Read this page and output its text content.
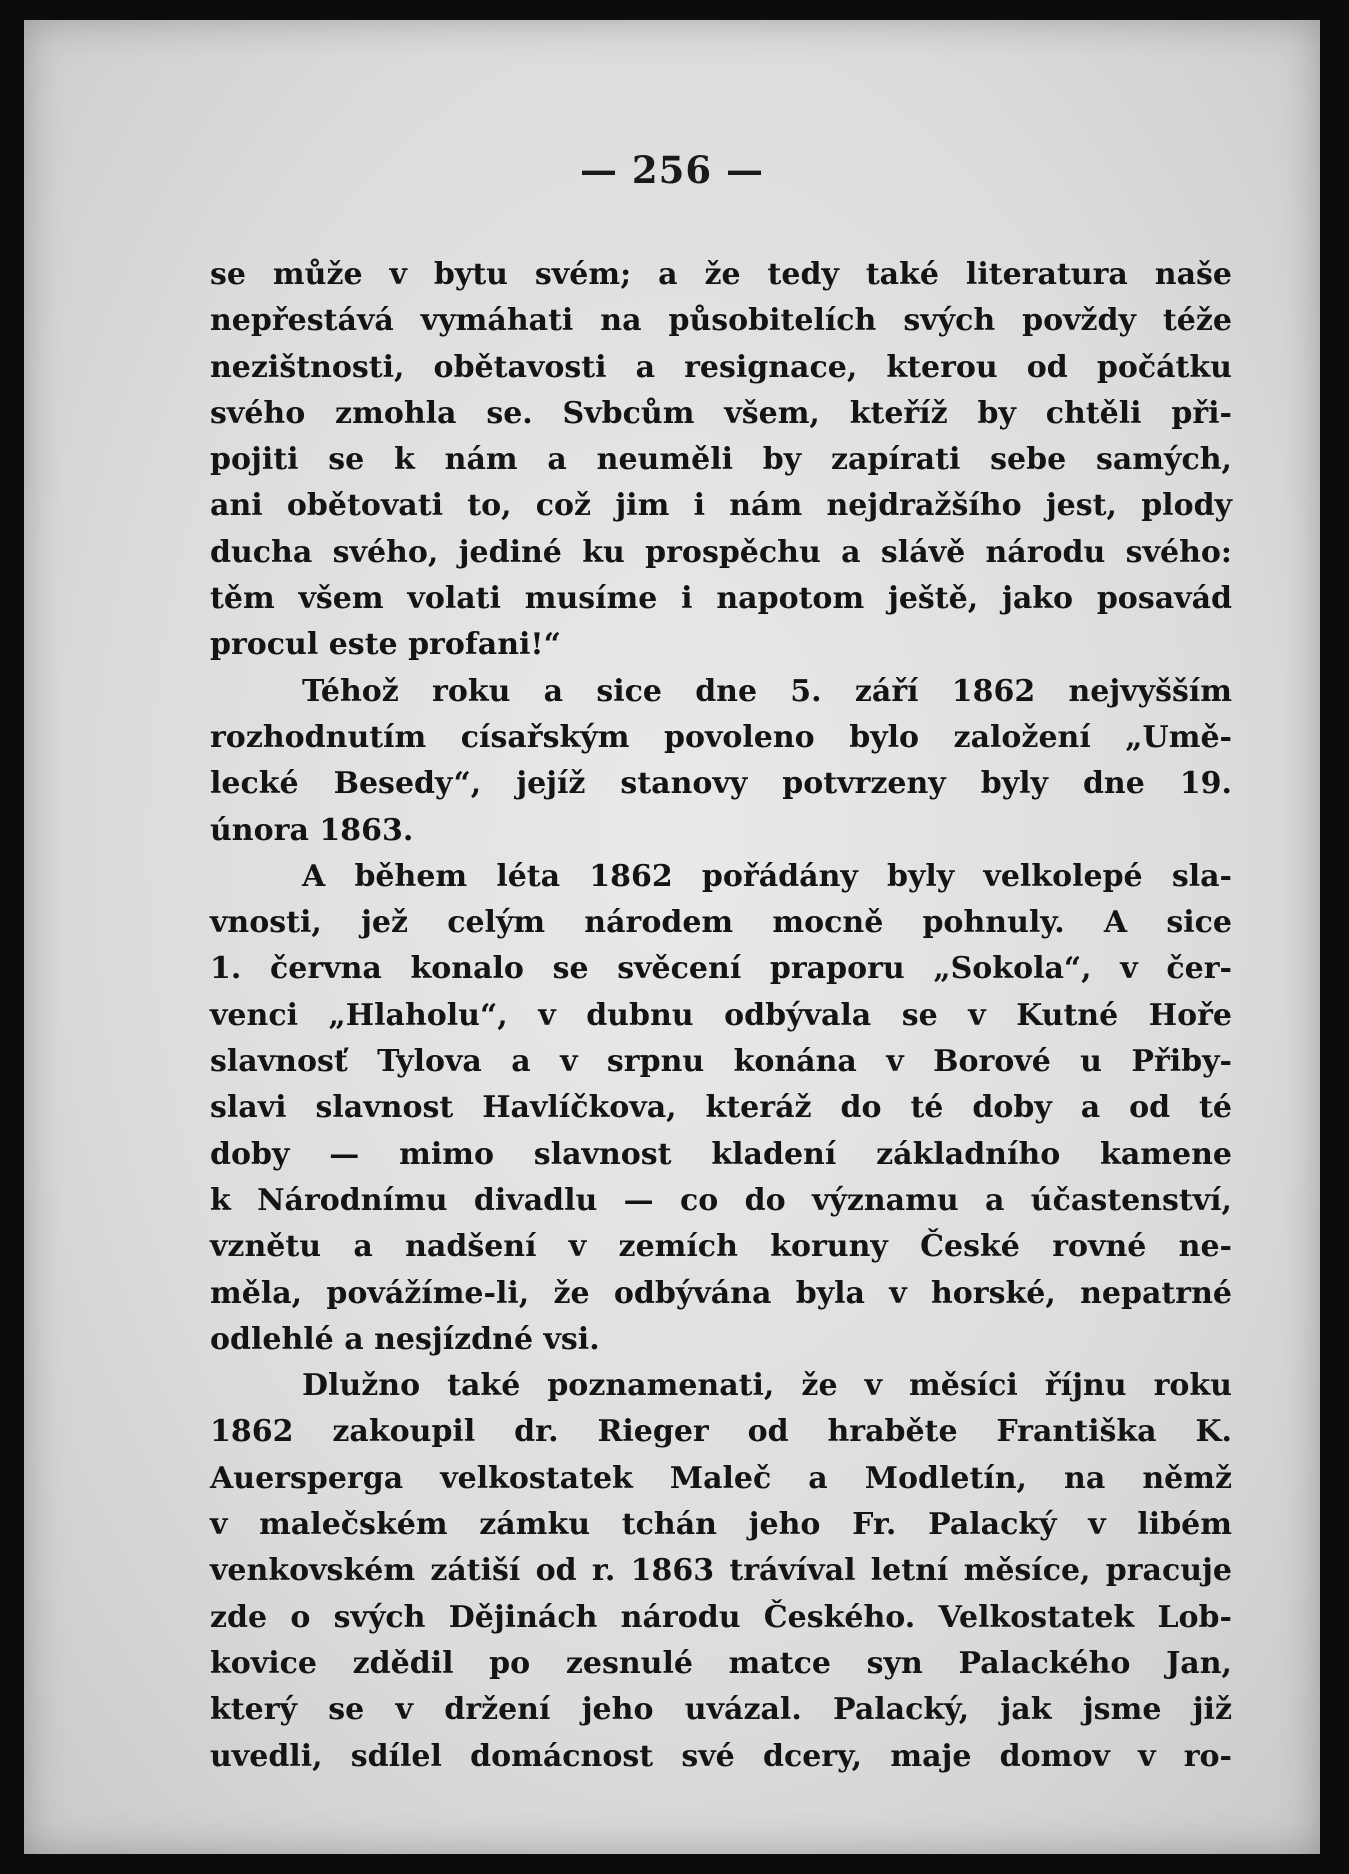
— 256 —
se může v bytu svém; a že tedy také literatura naše
nepřestává vymáhati na působitelích svých povždy téže
nezištnosti, obětavosti a resignace, kterou od počátku
svého zmohla se. Svbcům všem, kteříž by chtěli při-
pojiti se k nám a neuměli by zapírati sebe samých,
ani obětovati to, což jim i nám nejdražšího jest, plody
ducha svého, jediné ku prospěchu a slávě národu svého:
těm všem volati musíme i napotom ještě, jako posavád
procul este profani!“
Téhož roku a sice dne 5. září 1862 nejvyšším
rozhodnutím císařským povoleno bylo založení „Umě-
lecké Besedy“, jejíž stanovy potvrzeny byly dne 19.
února 1863.
A během léta 1862 pořádány byly velkolepé sla-
vnosti, jež celým národem mocně pohnuly. A sice
1. června konalo se svěcení praporu „Sokola“, v čer-
venci „Hlaholu“, v dubnu odbývala se v Kutné Hoře
slavnosť Tylova a v srpnu konána v Borové u Přiby-
slavi slavnost Havlíčkova, kteráž do té doby a od té
doby — mimo slavnost kladení základního kamene
k Národnímu divadlu — co do významu a účastenství,
vznětu a nadšení v zemích koruny České rovné ne-
měla, povážíme-li, že odbývána byla v horské, nepatrné
odlehlé a nesjízdné vsi.
Dlužno také poznamenati, že v měsíci říjnu roku
1862 zakoupil dr. Rieger od hraběte Františka K.
Auersperga velkostatek Maleč a Modletín, na němž
v malečském zámku tchán jeho Fr. Palacký v libém
venkovském zátiší od r. 1863 trávíval letní měsíce, pracuje
zde o svých Dějinách národu Českého. Velkostatek Lob-
kovice zdědil po zesnulé matce syn Palackého Jan,
který se v držení jeho uvázal. Palacký, jak jsme již
uvedli, sdílel domácnost své dcery, maje domov v ro-
